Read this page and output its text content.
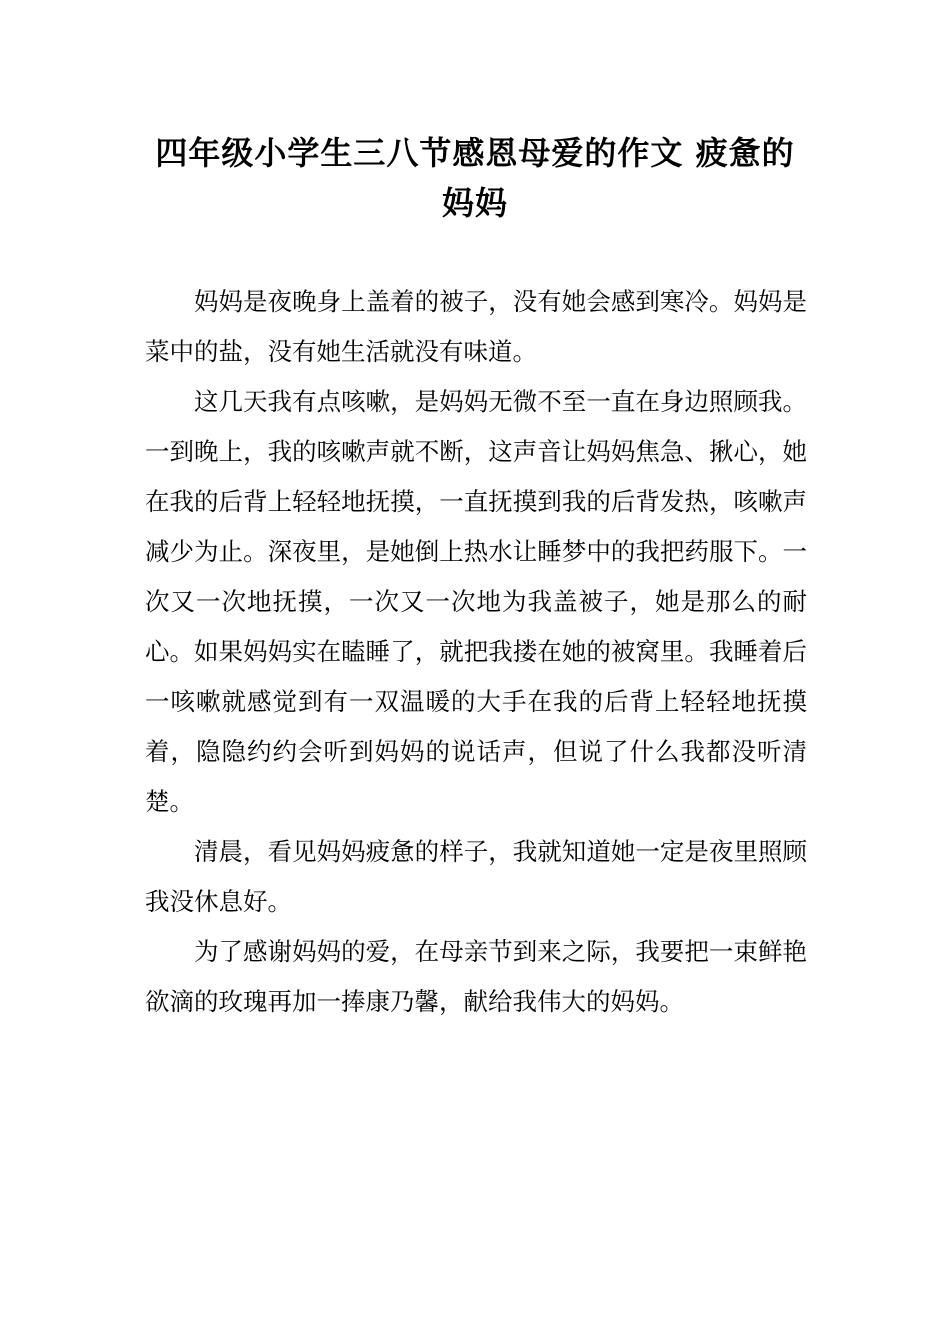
四年级小学生三八节感恩母爱的作文 疲惫的妈妈

妈妈是夜晚身上盖着的被子，没有她会感到寒冷。妈妈是菜中的盐，没有她生活就没有味道。

这几天我有点咳嗽，是妈妈无微不至一直在身边照顾我。一到晚上，我的咳嗽声就不断，这声音让妈妈焦急、揪心，她在我的后背上轻轻地抚摸，一直抚摸到我的后背发热，咳嗽声减少为止。深夜里，是她倒上热水让睡梦中的我把药服下。一次又一次地抚摸，一次又一次地为我盖被子，她是那么的耐心。如果妈妈实在瞌睡了，就把我搂在她的被窝里。我睡着后一咳嗽就感觉到有一双温暖的大手在我的后背上轻轻地抚摸着，隐隐约约会听到妈妈的说话声，但说了什么我都没听清楚。

清晨，看见妈妈疲惫的样子，我就知道她一定是夜里照顾我没休息好。

为了感谢妈妈的爱，在母亲节到来之际，我要把一束鲜艳欲滴的玫瑰再加一捧康乃馨，献给我伟大的妈妈。
